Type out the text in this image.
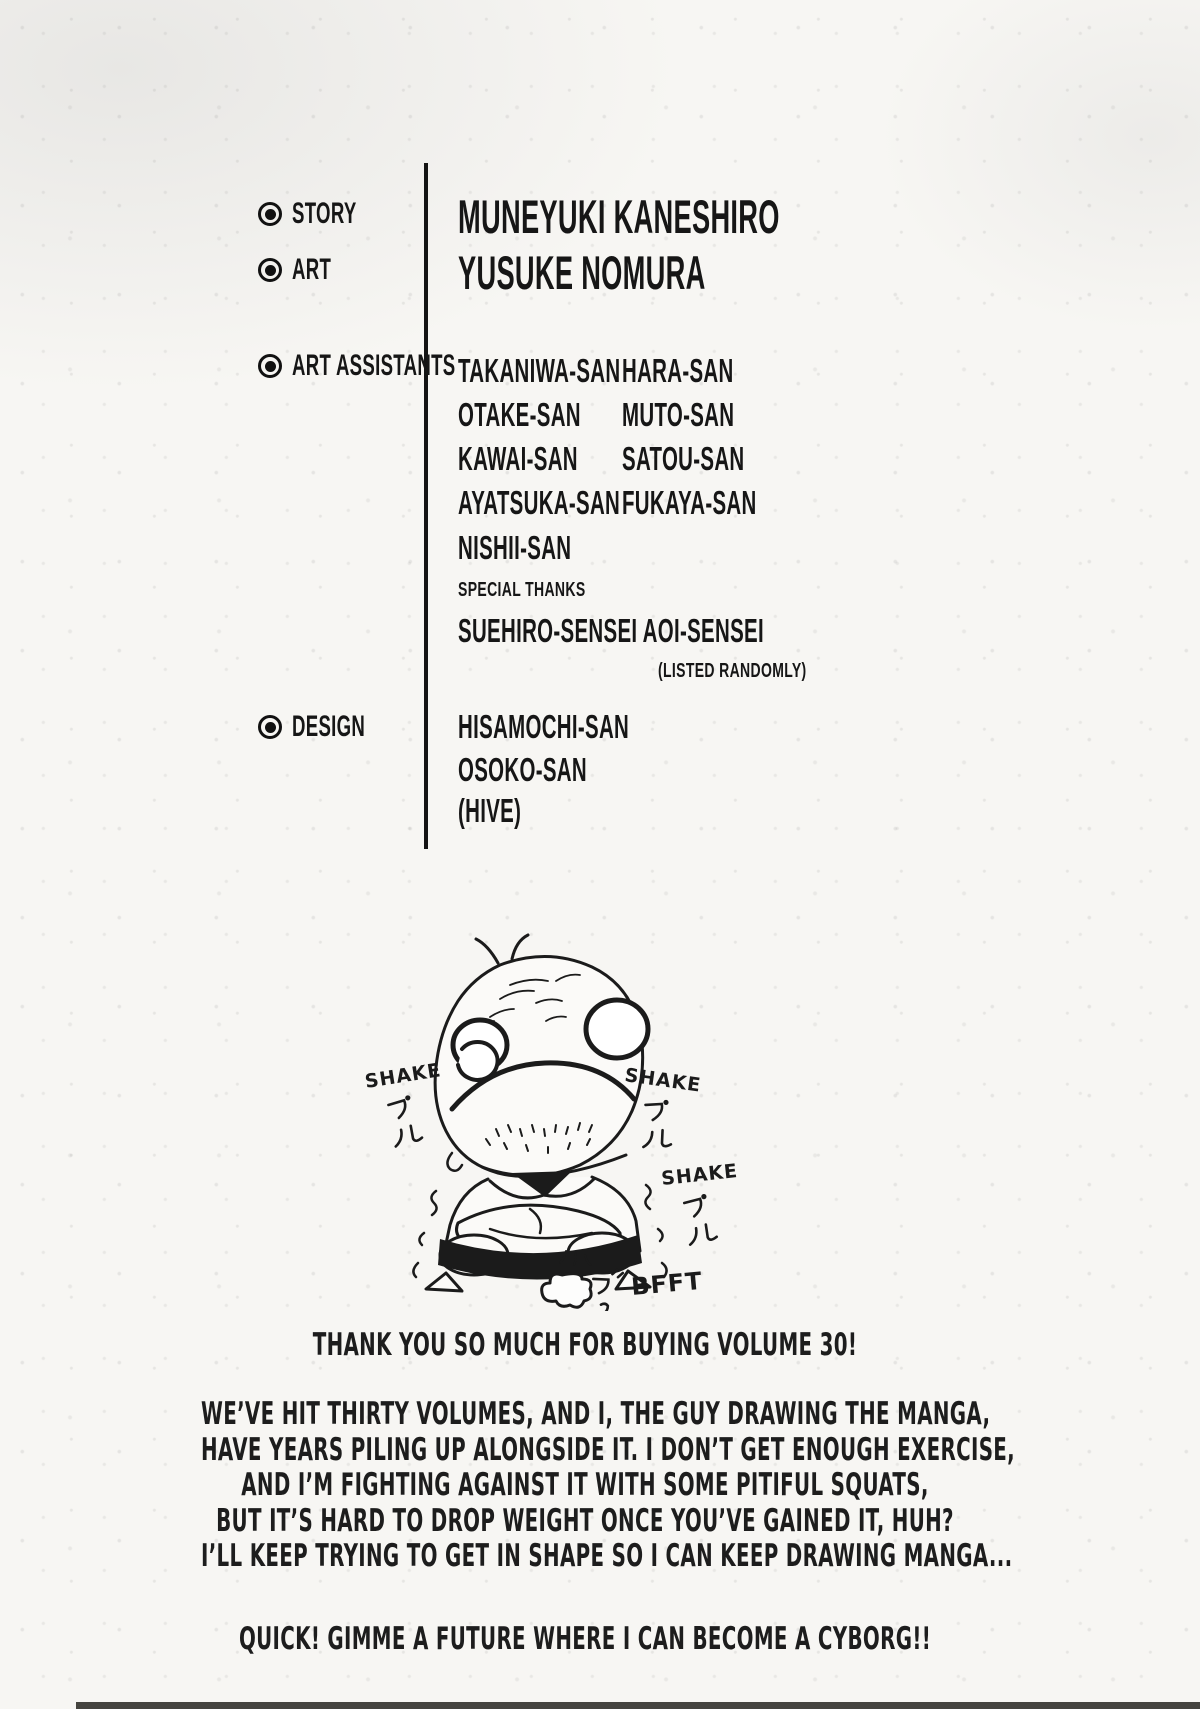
STORY
ART
ART ASSISTANTS
DESIGN
MUNEYUKI KANESHIRO
YUSUKE NOMURA
TAKANIWA-SAN
OTAKE-SAN
KAWAI-SAN
AYATSUKA-SAN
NISHII-SAN
HARA-SAN
MUTO-SAN
SATOU-SAN
FUKAYA-SAN
SPECIAL THANKS
SUEHIRO-SENSEI AOI-SENSEI
(LISTED RANDOMLY)
HISAMOCHI-SAN
OSOKO-SAN
(HIVE)
SHAKE	SHAKE
SHAKE
BFFT
THANK YOU SO MUCH FOR BUYING VOLUME 30!
WE’VE HIT THIRTY VOLUMES, AND I, THE GUY DRAWING THE MANGA,
HAVE YEARS PILING UP ALONGSIDE IT. I DON’T GET ENOUGH EXERCISE,
AND I’M FIGHTING AGAINST IT WITH SOME PITIFUL SQUATS,
BUT IT’S HARD TO DROP WEIGHT ONCE YOU’VE GAINED IT, HUH?
I’LL KEEP TRYING TO GET IN SHAPE SO I CAN KEEP DRAWING MANGA...
QUICK! GIMME A FUTURE WHERE I CAN BECOME A CYBORG!!
